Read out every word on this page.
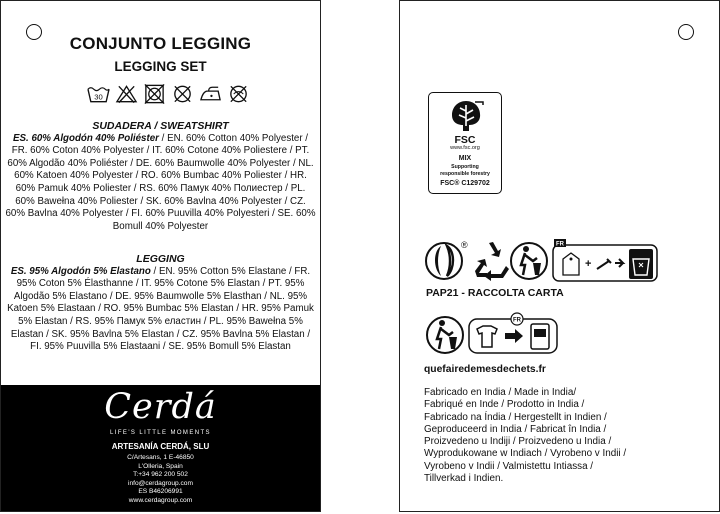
CONJUNTO LEGGING
LEGGING SET
30
SUDADERA / SWEATSHIRT
ES. 60% Algodón 40% Poliéster / EN. 60% Cotton 40% Polyester / FR. 60% Coton 40% Polyester / IT. 60% Cotone 40% Poliestere / PT. 60% Algodão 40% Poliéster / DE. 60% Baumwolle 40% Polyester / NL. 60% Katoen 40% Polyester / RO. 60% Bumbac 40% Poliester / HR. 60% Pamuk 40% Poliester / RS. 60% Памук 40% Полиестер / PL. 60% Bawełna 40% Poliester / SK. 60% Bavlna 40% Polyester / CZ. 60% Bavlna 40% Polyester / FI. 60% Puuvilla 40% Polyesteri / SE. 60% Bomull 40% Polyester
LEGGING
ES. 95% Algodón 5% Elastano / EN. 95% Cotton 5% Elastane / FR. 95% Coton 5% Élasthanne / IT. 95% Cotone 5% Elastan / PT. 95% Algodão 5% Elastano / DE. 95% Baumwolle 5% Elasthan / NL. 95% Katoen 5% Elastaan / RO. 95% Bumbac 5% Elastan / HR. 95% Pamuk 5% Elastan / RS. 95% Памук 5% еластин / PL. 95% Bawełna 5% Elastan / SK. 95% Bavlna 5% Elastan / CZ. 95% Bavlna 5% Elastan / FI. 95% Puuvilla 5% Elastaani / SE. 95% Bomull 5% Elastan
Cerdá
LIFE'S LITTLE MOMENTS
ARTESANÍA CERDÁ, SLU
C/Artesans, 1 E-46850
L'Olleria, Spain
T:+34 962 200 502
info@cerdagroup.com
ES B46206991
www.cerdagroup.com
FSC
www.fsc.org
MIX
Supporting
responsible forestry
FSC® C129702
®	FR
+
PAP21 - RACCOLTA CARTA
FR
quefairedemesdechets.fr
Fabricado en India / Made in India/
Fabriqué en Inde / Prodotto in India /
Fabricado na Índia / Hergestellt in Indien /
Geproduceerd in India / Fabricat în India /
Proizvedeno u Indiji / Proizvedeno u India /
Wyprodukowane w Indiach / Vyrobeno v Indii /
Vyrobeno v Indii / Valmistettu Intiassa /
Tillverkad i Indien.
